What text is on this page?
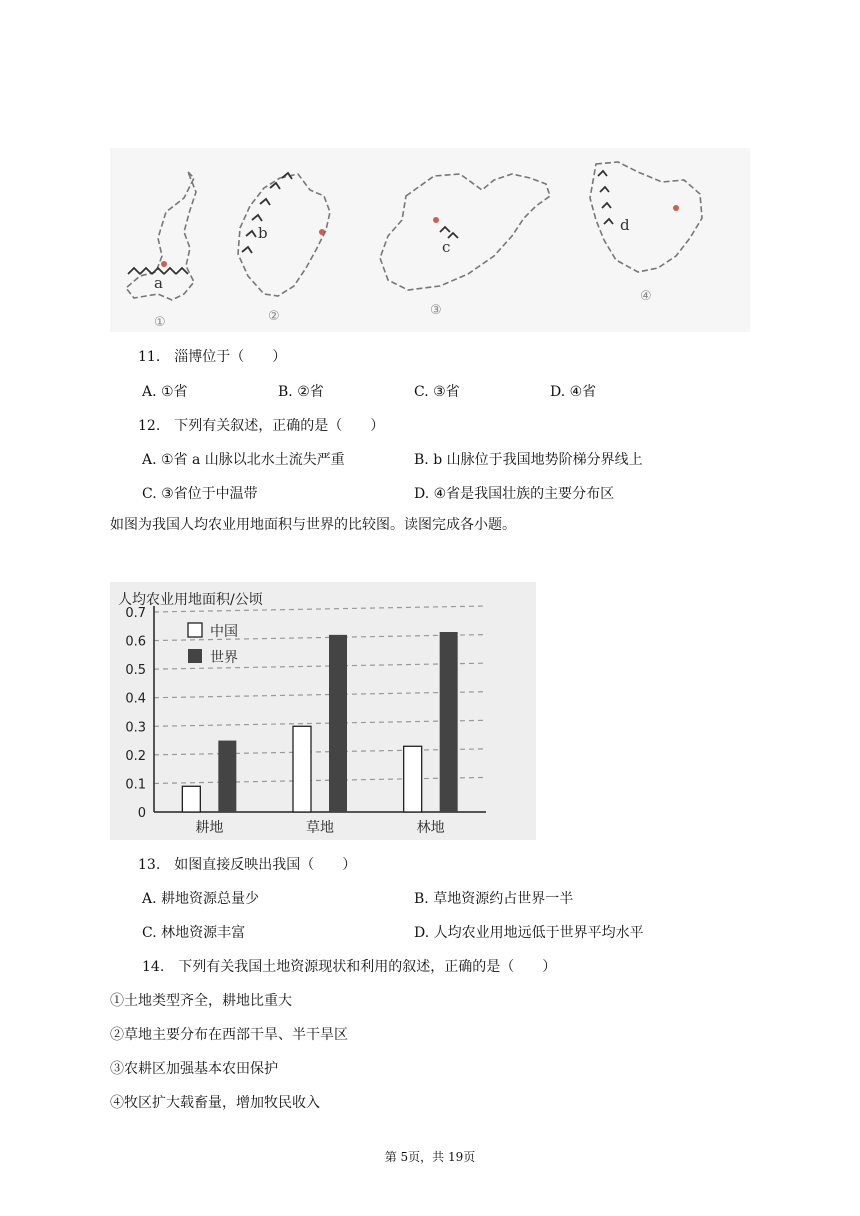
a
b
c
d
①	②	③
④
11. 淄博位于（　　）
A. ①省	B. ②省	C. ③省	D. ④省
12. 下列有关叙述，正确的是（　　）
A. ①省 a 山脉以北水土流失严重	B. b 山脉位于我国地势阶梯分界线上
C. ③省位于中温带	D. ④省是我国壮族的主要分布区
如图为我国人均农业用地面积与世界的比较图。读图完成各小题。
0
0.1
0.2
0.3
0.4
0.5
0.6
0.7
耕地	草地	林地
人均农业用地面积/公顷
中国
世界
13. 如图直接反映出我国（　　）
A. 耕地资源总量少	B. 草地资源约占世界一半
C. 林地资源丰富	D. 人均农业用地远低于世界平均水平
14. 下列有关我国土地资源现状和利用的叙述，正确的是（　　）
①土地类型齐全，耕地比重大
②草地主要分布在西部干旱、半干旱区
③农耕区加强基本农田保护
④牧区扩大载畜量，增加牧民收入
第 5页，共 19页
